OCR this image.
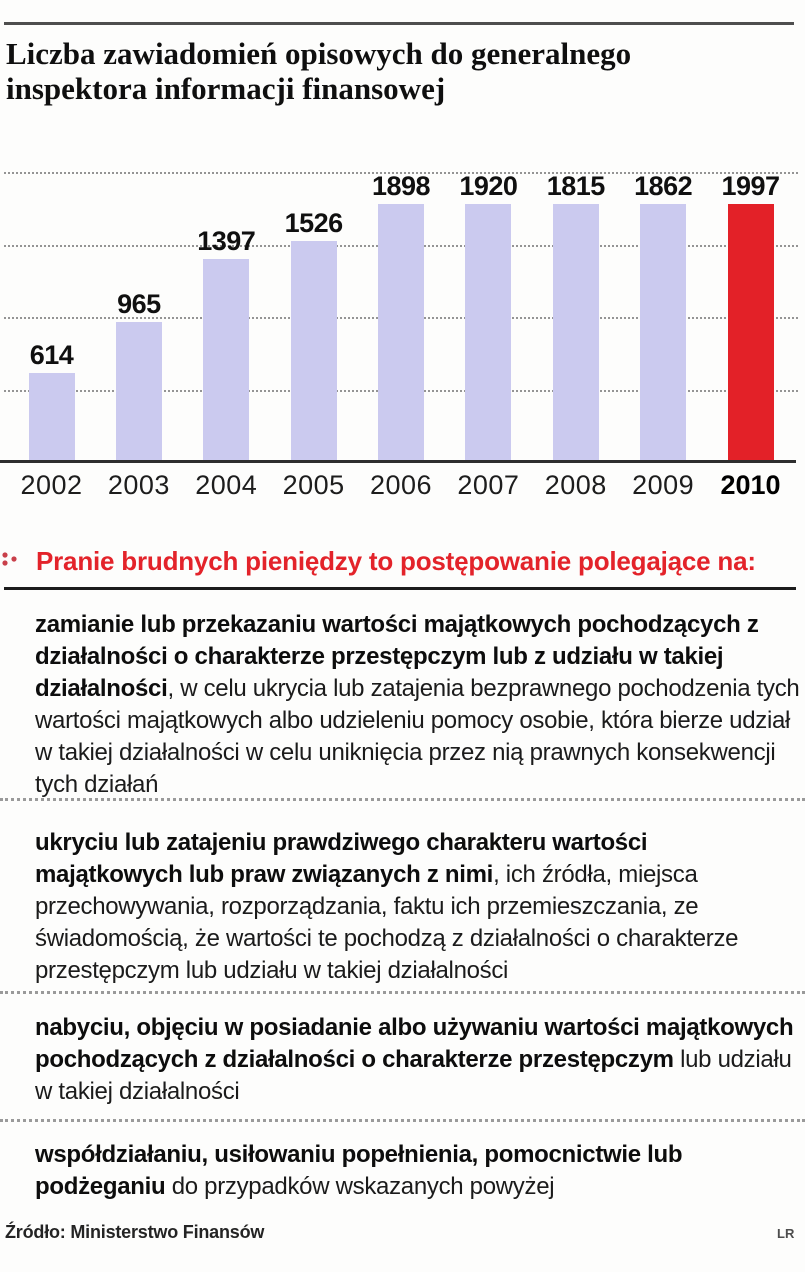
Liczba zawiadomień opisowych do generalnego inspektora informacji finansowej
614
965
1397
1526
1898 1920 1815 1862 1997
2002 2003 2004 2005 2006 2007 2008 2009 2010
Pranie brudnych pieniędzy to postępowanie polegające na:
zamianie lub przekazaniu wartości majątkowych pochodzących z działalności o charakterze przestępczym lub z udziału w takiej działalności, w celu ukrycia lub zatajenia bezprawnego pochodzenia tych wartości majątkowych albo udzieleniu pomocy osobie, która bierze udział w takiej działalności w celu uniknięcia przez nią prawnych konsekwencji tych działań
ukryciu lub zatajeniu prawdziwego charakteru wartości majątkowych lub praw związanych z nimi, ich źródła, miejsca przechowywania, rozporządzania, faktu ich przemieszczania, ze świadomością, że wartości te pochodzą z działalności o charakterze przestępczym lub udziału w takiej działalności
nabyciu, objęciu w posiadanie albo używaniu wartości majątkowych pochodzących z działalności o charakterze przestępczym lub udziału w takiej działalności
współdziałaniu, usiłowaniu popełnienia, pomocnictwie lub podżeganiu do przypadków wskazanych powyżej
Źródło: Ministerstwo Finansów	LR
